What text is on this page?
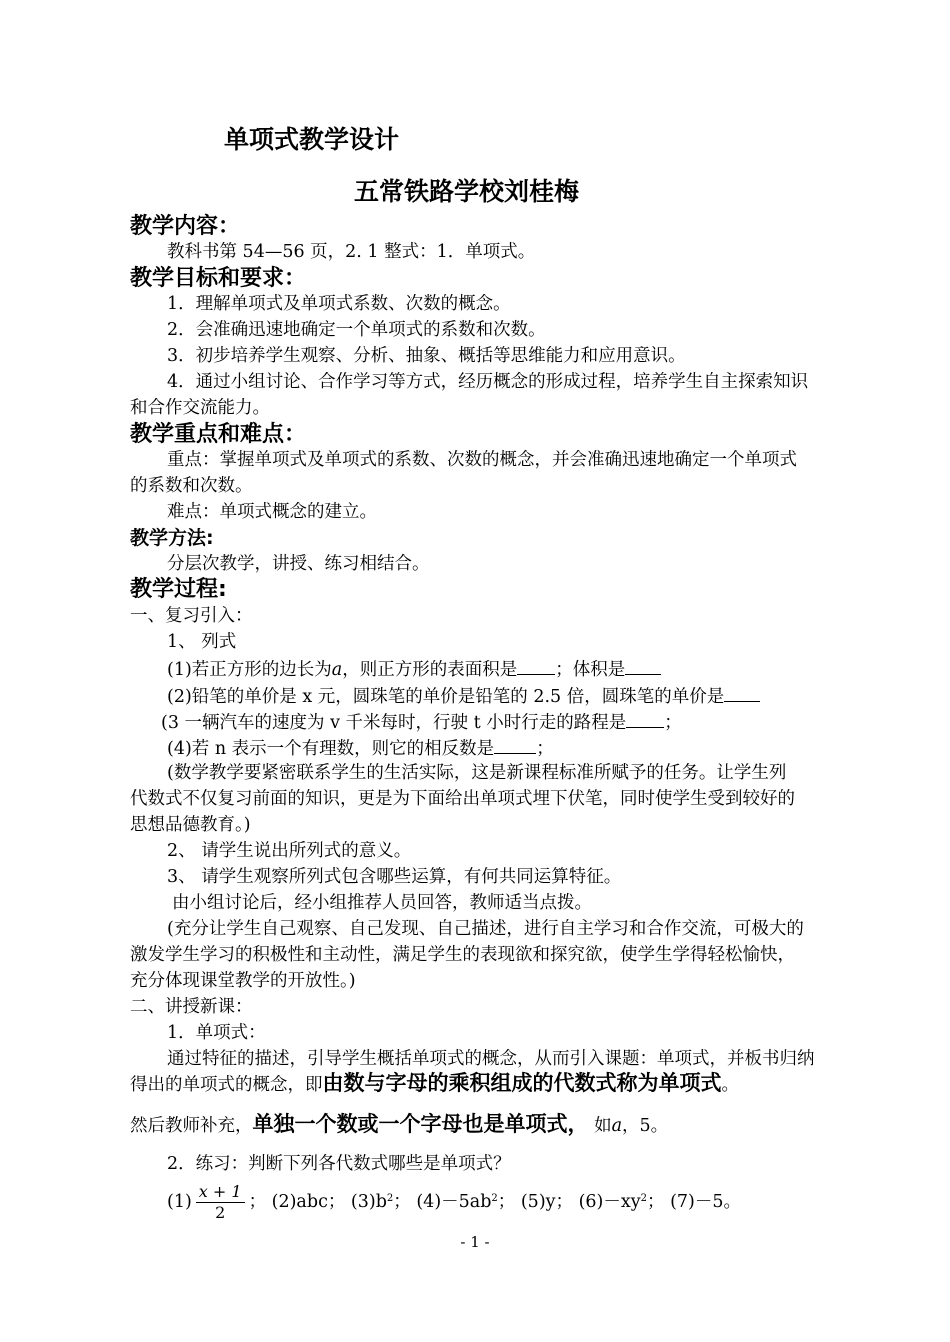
单项式教学设计
五常铁路学校刘桂梅
教学内容：
教科书第 54—56 页，2. 1 整式：1．单项式。
教学目标和要求：
1．理解单项式及单项式系数、次数的概念。
2．会准确迅速地确定一个单项式的系数和次数。
3．初步培养学生观察、分析、抽象、概括等思维能力和应用意识。
4．通过小组讨论、合作学习等方式，经历概念的形成过程，培养学生自主探索知识
和合作交流能力。
教学重点和难点：
重点：掌握单项式及单项式的系数、次数的概念，并会准确迅速地确定一个单项式
的系数和次数。
难点：单项式概念的建立。
教学方法:
分层次教学，讲授、练习相结合。
教学过程:
一、复习引入：
1、 列式
(1)若正方形的边长为a，则正方形的表面积是 ；体积是
(2)铅笔的单价是 x 元，圆珠笔的单价是铅笔的 2.5 倍，圆珠笔的单价是
(3 一辆汽车的速度为 v 千米每时，行驶 t 小时行走的路程是 ；
(4)若 n 表示一个有理数，则它的相反数是 ；
(数学教学要紧密联系学生的生活实际，这是新课程标准所赋予的任务。让学生列
代数式不仅复习前面的知识，更是为下面给出单项式埋下伏笔，同时使学生受到较好的
思想品德教育。)
2、 请学生说出所列式的意义。
3、 请学生观察所列式包含哪些运算，有何共同运算特征。
由小组讨论后，经小组推荐人员回答，教师适当点拨。
(充分让学生自己观察、自己发现、自己描述，进行自主学习和合作交流，可极大的
激发学生学习的积极性和主动性，满足学生的表现欲和探究欲，使学生学得轻松愉快，
充分体现课堂教学的开放性。)
二、讲授新课：
1．单项式：
通过特征的描述，引导学生概括单项式的概念，从而引入课题：单项式，并板书归纳
得出的单项式的概念，即由数与字母的乘积组成的代数式称为单项式。
然后教师补充，单独一个数或一个字母也是单项式， 如a，5。
2．练习：判断下列各代数式哪些是单项式？
$(1) \frac{x + 1}{2}$ ； (2)abc； $(3)b^2$； $(4)-5ab^2$； (5)y； $(6)-xy^2$； (7)－5。
- 1 -
